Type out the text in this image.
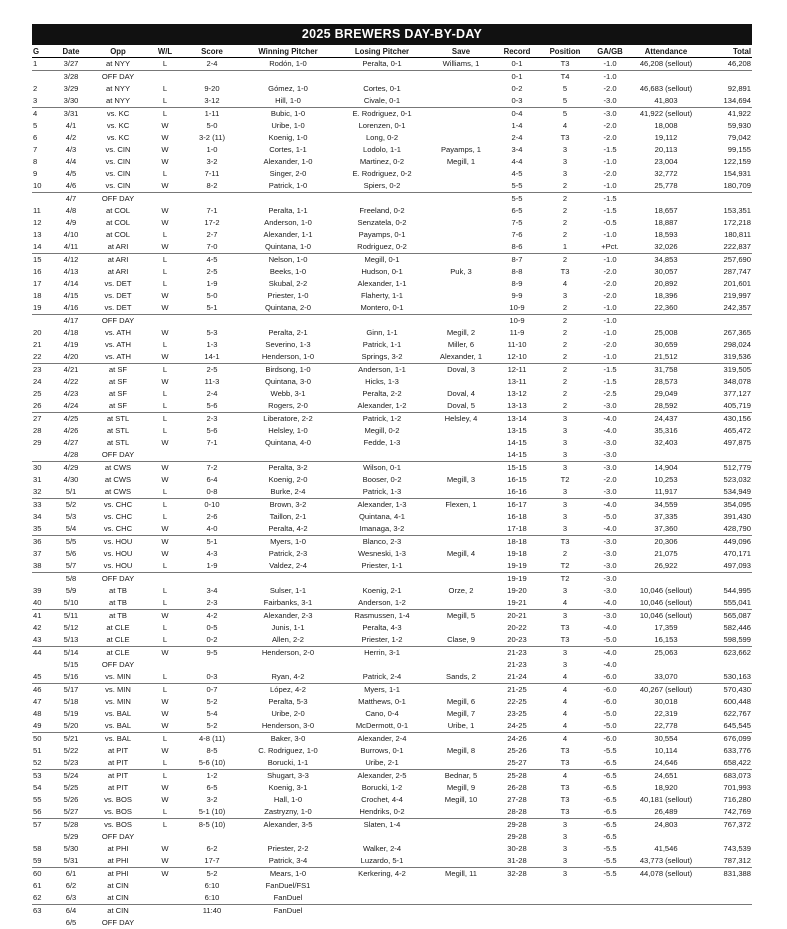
2025 BREWERS DAY-BY-DAY
G	Date	Opp	W/L	Score	Winning Pitcher	Losing Pitcher	Save	Record	Position	GA/GB	Attendance	Total
1	3/27	at NYY	L	2-4	Rodón, 1-0	Peralta, 0-1	Williams, 1	0-1	T3	-1.0	46,208 (sellout)	46,208
	3/28	OFF DAY						0-1	T4	-1.0		
2	3/29	at NYY	L	9-20	Gómez, 1-0	Cortes, 0-1		0-2	5	-2.0	46,683 (sellout)	92,891
3	3/30	at NYY	L	3-12	Hill, 1-0	Civale, 0-1		0-3	5	-3.0	41,803	134,694
4	3/31	vs. KC	L	1-11	Bubic, 1-0	E. Rodriguez, 0-1		0-4	5	-3.0	41,922 (sellout)	41,922
5	4/1	vs. KC	W	5-0	Uribe, 1-0	Lorenzen, 0-1		1-4	4	-2.0	18,008	59,930
6	4/2	vs. KC	W	3-2 (11)	Koenig, 1-0	Long, 0-2		2-4	T3	-2.0	19,112	79,042
7	4/3	vs. CIN	W	1-0	Cortes, 1-1	Lodolo, 1-1	Payamps, 1	3-4	3	-1.5	20,113	99,155
8	4/4	vs. CIN	W	3-2	Alexander, 1-0	Martinez, 0-2	Megill, 1	4-4	3	-1.0	23,004	122,159
9	4/5	vs. CIN	L	7-11	Singer, 2-0	E. Rodriguez, 0-2		4-5	3	-2.0	32,772	154,931
10	4/6	vs. CIN	W	8-2	Patrick, 1-0	Spiers, 0-2		5-5	2	-1.0	25,778	180,709
	4/7	OFF DAY						5-5	2	-1.5		
11	4/8	at COL	W	7-1	Peralta, 1-1	Freeland, 0-2		6-5	2	-1.5	18,657	153,351
12	4/9	at COL	W	17-2	Anderson, 1-0	Senzatela, 0-2		7-5	2	-0.5	18,887	172,218
13	4/10	at COL	L	2-7	Alexander, 1-1	Payamps, 0-1		7-6	2	-1.0	18,593	180,811
14	4/11	at ARI	W	7-0	Quintana, 1-0	Rodriguez, 0-2		8-6	1	+Pct.	32,026	222,837
15	4/12	at ARI	L	4-5	Nelson, 1-0	Megill, 0-1		8-7	2	-1.0	34,853	257,690
16	4/13	at ARI	L	2-5	Beeks, 1-0	Hudson, 0-1	Puk, 3	8-8	T3	-2.0	30,057	287,747
17	4/14	vs. DET	L	1-9	Skubal, 2-2	Alexander, 1-1		8-9	4	-2.0	20,892	201,601
18	4/15	vs. DET	W	5-0	Priester, 1-0	Flaherty, 1-1		9-9	3	-2.0	18,396	219,997
19	4/16	vs. DET	W	5-1	Quintana, 2-0	Montero, 0-1		10-9	2	-1.0	22,360	242,357
	4/17	OFF DAY						10-9	2	-1.0		
20	4/18	vs. ATH	W	5-3	Peralta, 2-1	Ginn, 1-1	Megill, 2	11-9	2	-1.0	25,008	267,365
21	4/19	vs. ATH	L	1-3	Severino, 1-3	Patrick, 1-1	Miller, 6	11-10	2	-2.0	30,659	298,024
22	4/20	vs. ATH	W	14-1	Henderson, 1-0	Springs, 3-2	Alexander, 1	12-10	2	-1.0	21,512	319,536
23	4/21	at SF	L	2-5	Birdsong, 1-0	Anderson, 1-1	Doval, 3	12-11	2	-1.5	31,758	319,505
24	4/22	at SF	W	11-3	Quintana, 3-0	Hicks, 1-3		13-11	2	-1.5	28,573	348,078
25	4/23	at SF	L	2-4	Webb, 3-1	Peralta, 2-2	Doval, 4	13-12	2	-2.5	29,049	377,127
26	4/24	at SF	L	5-6	Rogers, 2-0	Alexander, 1-2	Doval, 5	13-13	2	-3.0	28,592	405,719
27	4/25	at STL	L	2-3	Liberatore, 2-2	Patrick, 1-2	Helsley, 4	13-14	3	-4.0	24,437	430,156
28	4/26	at STL	L	5-6	Helsley, 1-0	Megill, 0-2		13-15	3	-4.0	35,316	465,472
29	4/27	at STL	W	7-1	Quintana, 4-0	Fedde, 1-3		14-15	3	-3.0	32,403	497,875
	4/28	OFF DAY						14-15	3	-3.0		
30	4/29	at CWS	W	7-2	Peralta, 3-2	Wilson, 0-1		15-15	3	-3.0	14,904	512,779
31	4/30	at CWS	W	6-4	Koenig, 2-0	Booser, 0-2	Megill, 3	16-15	T2	-2.0	10,253	523,032
32	5/1	at CWS	L	0-8	Burke, 2-4	Patrick, 1-3		16-16	3	-3.0	11,917	534,949
33	5/2	vs. CHC	L	0-10	Brown, 3-2	Alexander, 1-3	Flexen, 1	16-17	3	-4.0	34,559	354,095
34	5/3	vs. CHC	L	2-6	Taillon, 2-1	Quintana, 4-1		16-18	3	-5.0	37,335	391,430
35	5/4	vs. CHC	W	4-0	Peralta, 4-2	Imanaga, 3-2		17-18	3	-4.0	37,360	428,790
36	5/5	vs. HOU	W	5-1	Myers, 1-0	Blanco, 2-3		18-18	T3	-3.0	20,306	449,096
37	5/6	vs. HOU	W	4-3	Patrick, 2-3	Wesneski, 1-3	Megill, 4	19-18	2	-3.0	21,075	470,171
38	5/7	vs. HOU	L	1-9	Valdez, 2-4	Priester, 1-1		19-19	T2	-3.0	26,922	497,093
	5/8	OFF DAY						19-19	T2	-3.0		
39	5/9	at TB	L	3-4	Sulser, 1-1	Koenig, 2-1	Orze, 2	19-20	3	-3.0	10,046 (sellout)	544,995
40	5/10	at TB	L	2-3	Fairbanks, 3-1	Anderson, 1-2		19-21	4	-4.0	10,046 (sellout)	555,041
41	5/11	at TB	W	4-2	Alexander, 2-3	Rasmussen, 1-4	Megill, 5	20-21	3	-3.0	10,046 (sellout)	565,087
42	5/12	at CLE	L	0-5	Junis, 1-1	Peralta, 4-3		20-22	T3	-4.0	17,359	582,446
43	5/13	at CLE	L	0-2	Allen, 2-2	Priester, 1-2	Clase, 9	20-23	T3	-5.0	16,153	598,599
44	5/14	at CLE	W	9-5	Henderson, 2-0	Herrin, 3-1		21-23	3	-4.0	25,063	623,662
	5/15	OFF DAY						21-23	3	-4.0		
45	5/16	vs. MIN	L	0-3	Ryan, 4-2	Patrick, 2-4	Sands, 2	21-24	4	-6.0	33,070	530,163
46	5/17	vs. MIN	L	0-7	López, 4-2	Myers, 1-1		21-25	4	-6.0	40,267 (sellout)	570,430
47	5/18	vs. MIN	W	5-2	Peralta, 5-3	Matthews, 0-1	Megill, 6	22-25	4	-6.0	30,018	600,448
48	5/19	vs. BAL	W	5-4	Uribe, 2-0	Cano, 0-4	Megill, 7	23-25	4	-5.0	22,319	622,767
49	5/20	vs. BAL	W	5-2	Henderson, 3-0	McDermott, 0-1	Uribe, 1	24-25	4	-5.0	22,778	645,545
50	5/21	vs. BAL	L	4-8 (11)	Baker, 3-0	Alexander, 2-4		24-26	4	-6.0	30,554	676,099
51	5/22	at PIT	W	8-5	C. Rodriguez, 1-0	Burrows, 0-1	Megill, 8	25-26	T3	-5.5	10,114	633,776
52	5/23	at PIT	L	5-6 (10)	Borucki, 1-1	Uribe, 2-1		25-27	T3	-6.5	24,646	658,422
53	5/24	at PIT	L	1-2	Shugart, 3-3	Alexander, 2-5	Bednar, 5	25-28	4	-6.5	24,651	683,073
54	5/25	at PIT	W	6-5	Koenig, 3-1	Borucki, 1-2	Megill, 9	26-28	T3	-6.5	18,920	701,993
55	5/26	vs. BOS	W	3-2	Hall, 1-0	Crochet, 4-4	Megill, 10	27-28	T3	-6.5	40,181 (sellout)	716,280
56	5/27	vs. BOS	L	5-1 (10)	Zastryzny, 1-0	Hendriks, 0-2		28-28	T3	-6.5	26,489	742,769
57	5/28	vs. BOS	L	8-5 (10)	Alexander, 3-5	Slaten, 1-4		29-28	3	-6.5	24,803	767,372
	5/29	OFF DAY						29-28	3	-6.5		
58	5/30	at PHI	W	6-2	Priester, 2-2	Walker, 2-4		30-28	3	-5.5	41,546	743,539
59	5/31	at PHI	W	17-7	Patrick, 3-4	Luzardo, 5-1		31-28	3	-5.5	43,773 (sellout)	787,312
60	6/1	at PHI	W	5-2	Mears, 1-0	Kerkering, 4-2	Megill, 11	32-28	3	-5.5	44,078 (sellout)	831,388
61	6/2	at CIN		6:10	FanDuel/FS1							
62	6/3	at CIN		6:10	FanDuel							
63	6/4	at CIN		11:40	FanDuel							
	6/5	OFF DAY										
